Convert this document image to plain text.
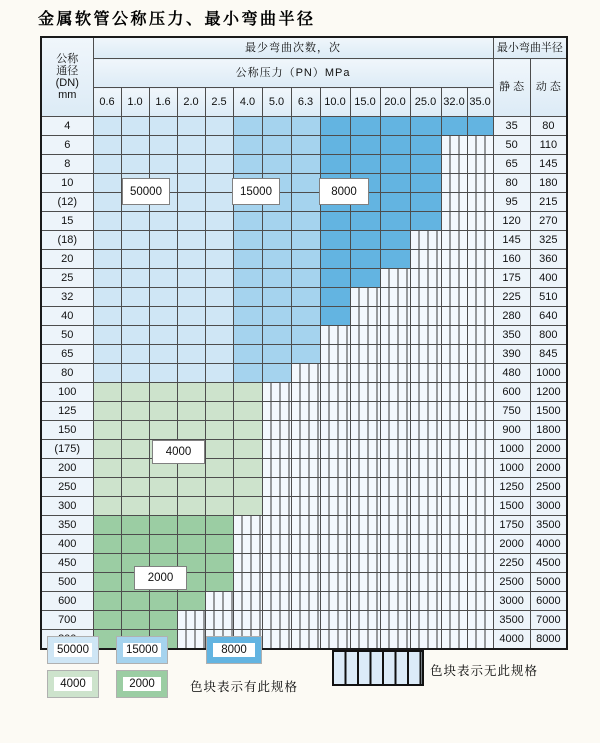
金属软管公称压力、最小弯曲半径
公称
通径
(DN)
mm	最少弯曲次数，次														最小弯曲半径	
	公称压力（PN）MPa														静 态	动 态
	0.6	1.0	1.6	2.0	2.5	4.0	5.0	6.3	10.0	15.0	20.0	25.0	32.0	35.0		
4															35	80
6															50	110
8															65	145
10															80	180
(12)															95	215
15															120	270
(18)															145	325
20															160	360
25															175	400
32															225	510
40															280	640
50															350	800
65															390	845
80															480	1000
100															600	1200
125															750	1500
150															900	1800
(175)															1000	2000
200															1000	2000
250															1250	2500
300															1500	3000
350															1750	3500
400															2000	4000
450															2250	4500
500															2500	5000
600															3000	6000
700															3500	7000
															4000	8000
50000	15000	8000
4000
2000
50000	15000	8000
4000	2000	色块表示有此规格
色块表示无此规格
